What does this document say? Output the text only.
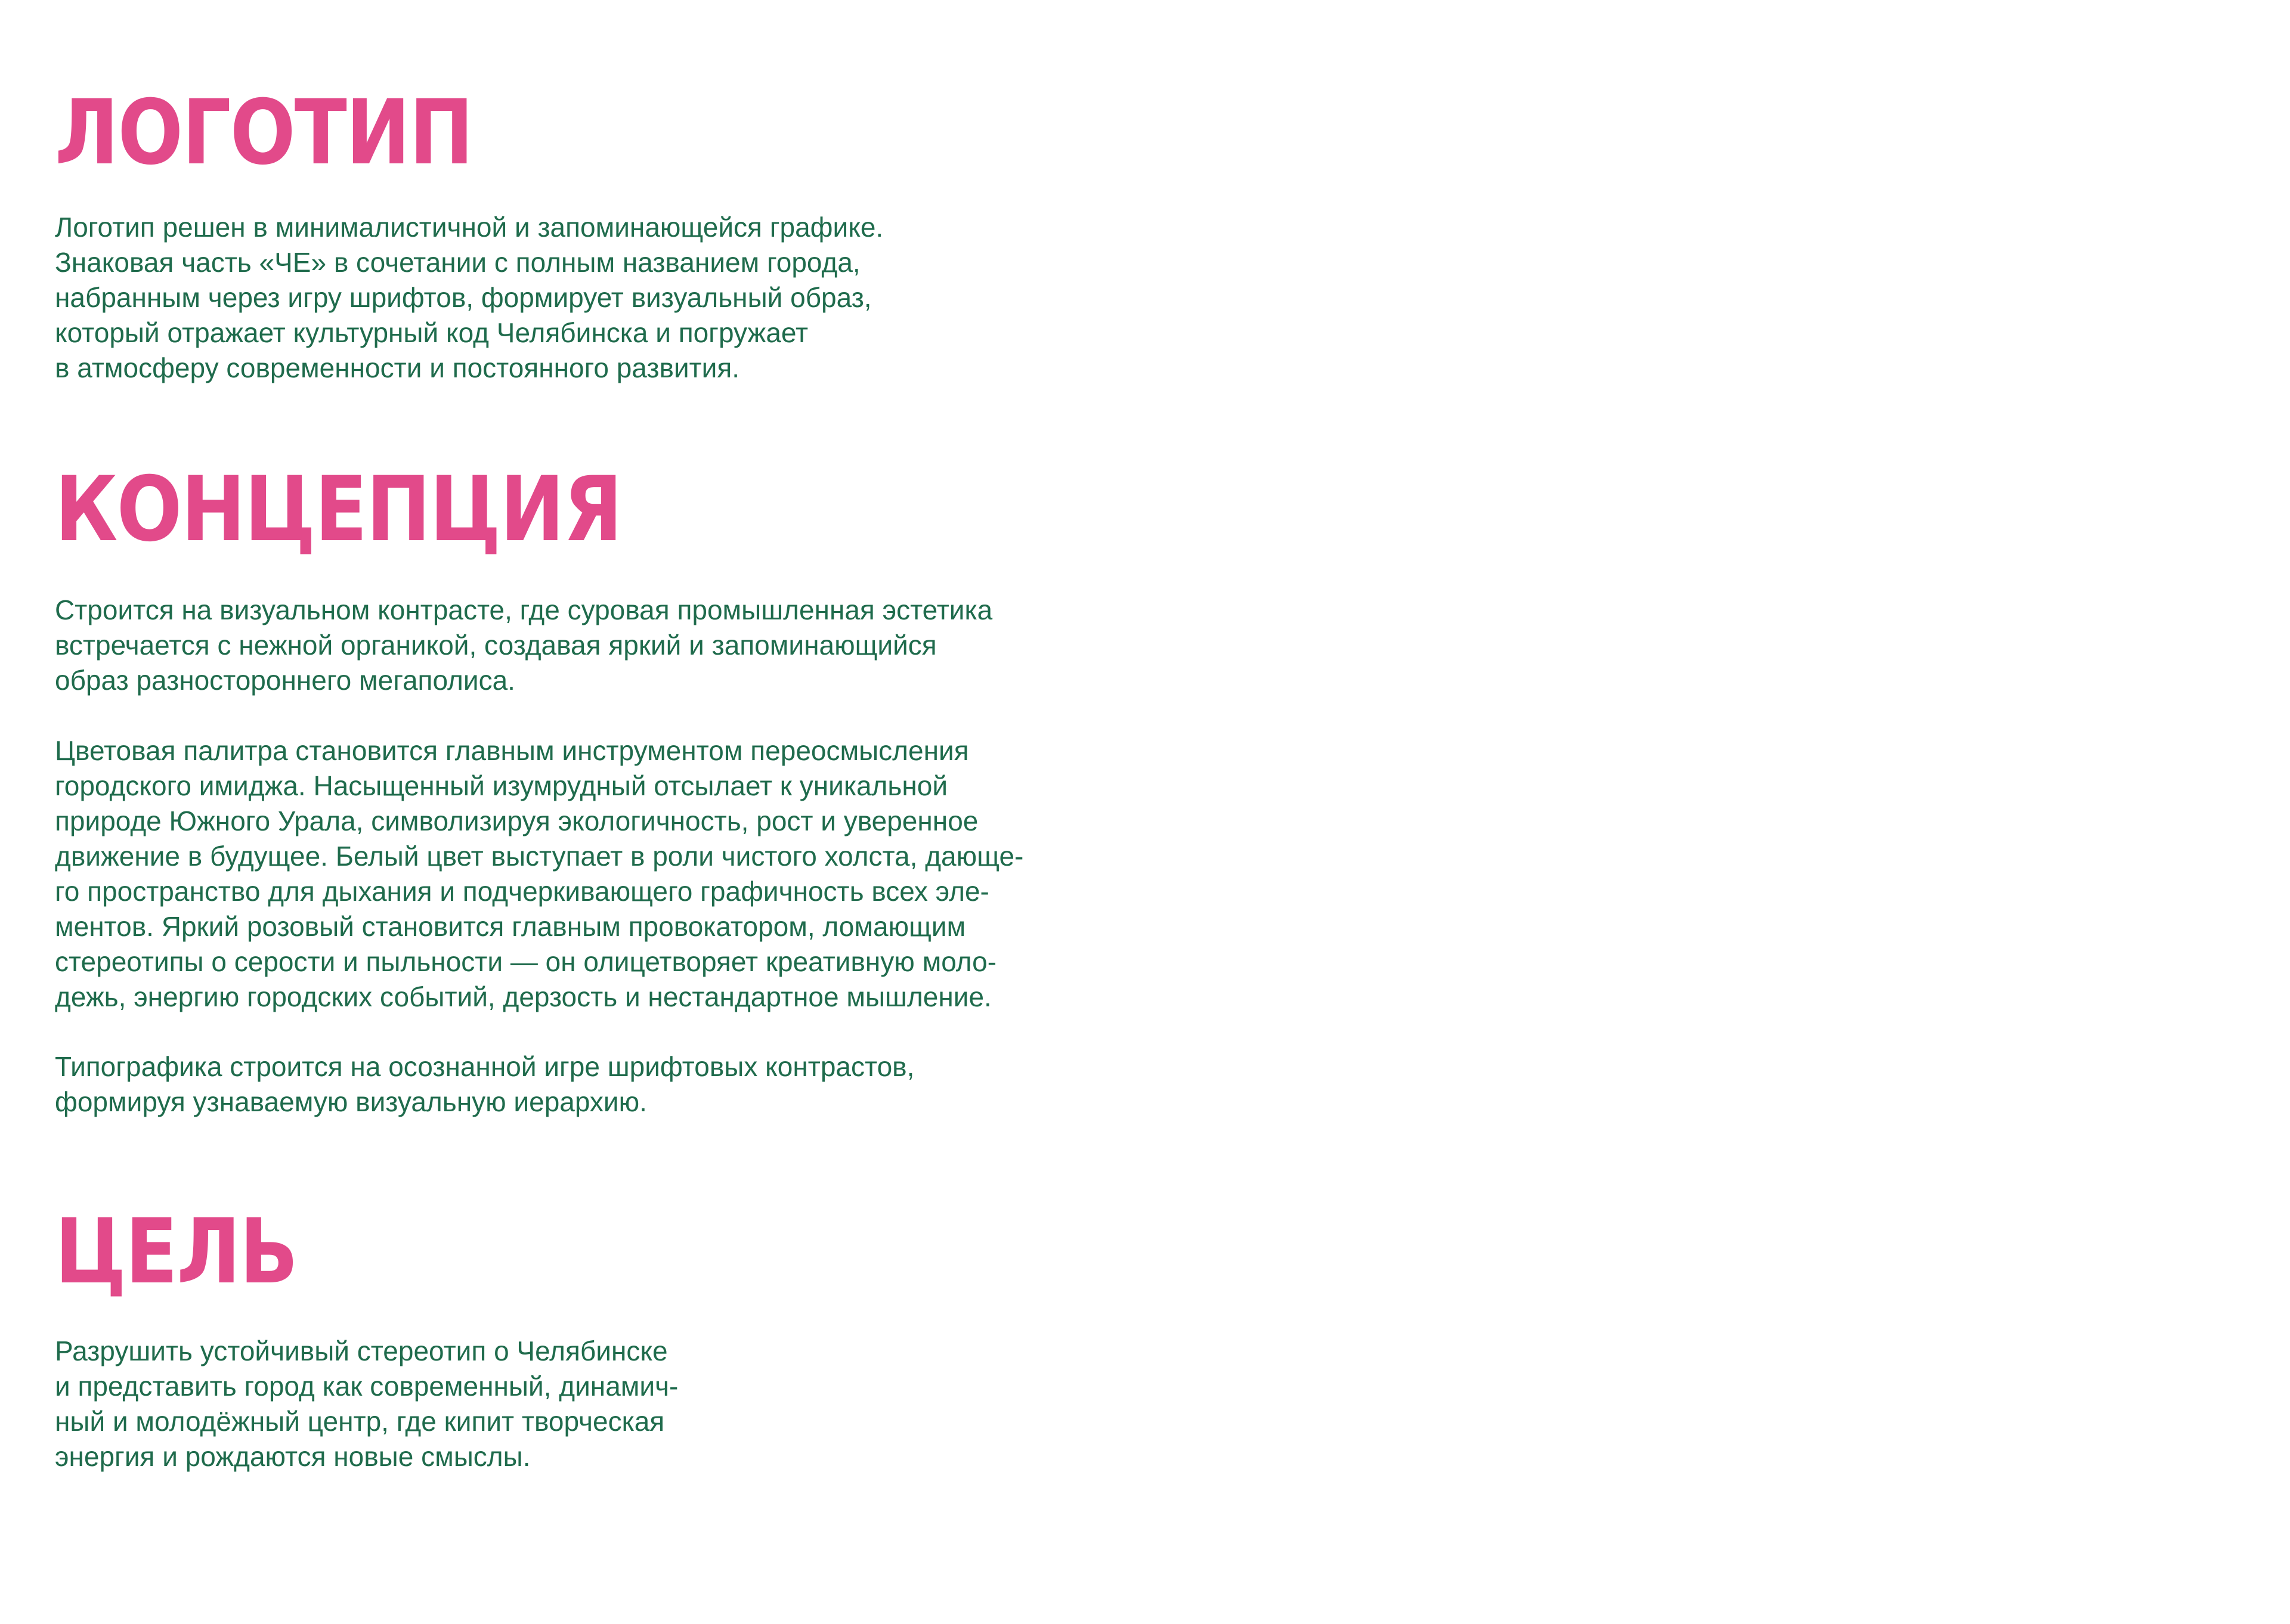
ЛОГОТИП

Логотип решен в минималистичной и запоминающейся графике.
Знаковая часть «ЧЕ» в сочетании с полным названием города,
набранным через игру шрифтов, формирует визуальный образ,
который отражает культурный код Челябинска и погружает
в атмосферу современности и постоянного развития.

КОНЦЕПЦИЯ

Строится на визуальном контрасте, где суровая промышленная эстетика
встречается с нежной органикой, создавая яркий и запоминающийся
образ разностороннего мегаполиса.

Цветовая палитра становится главным инструментом переосмысления
городского имиджа. Насыщенный изумрудный отсылает к уникальной
природе Южного Урала, символизируя экологичность, рост и уверенное
движение в будущее. Белый цвет выступает в роли чистого холста, дающе-
го пространство для дыхания и подчеркивающего графичность всех эле-
ментов. Яркий розовый становится главным провокатором, ломающим
стереотипы о серости и пыльности — он олицетворяет креативную моло-
дежь, энергию городских событий, дерзость и нестандартное мышление.

Типографика строится на осознанной игре шрифтовых контрастов,
формируя узнаваемую визуальную иерархию.

ЦЕЛЬ

Разрушить устойчивый стереотип о Челябинске
и представить город как современный, динамич-
ный и молодёжный центр, где кипит творческая
энергия и рождаются новые смыслы.
